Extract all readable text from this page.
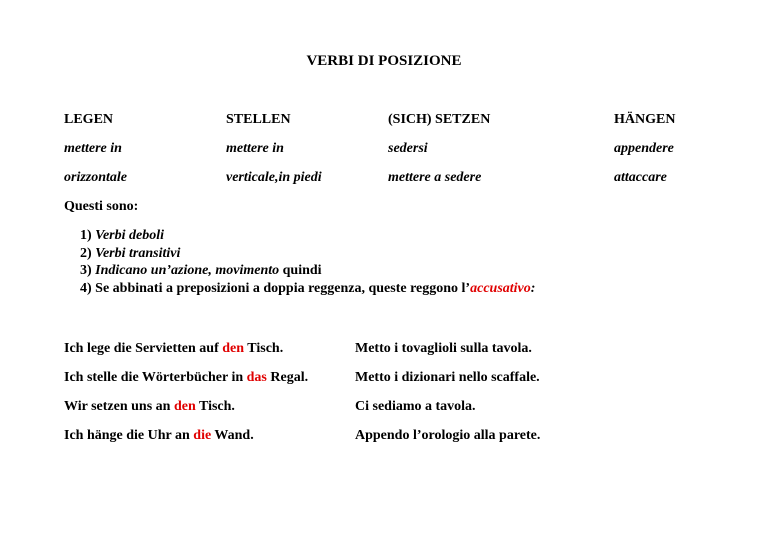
VERBI DI POSIZIONE
LEGEN	STELLEN	(SICH) SETZEN	HÄNGEN
mettere in	mettere in	sedersi	appendere
orizzontale	verticale,in piedi	mettere a sedere	attaccare
Questi sono:
1) Verbi deboli
2) Verbi transitivi
3) Indicano un’azione, movimento quindi
4) Se abbinati a preposizioni a doppia reggenza, queste reggono l’accusativo:
Ich lege die Servietten auf den Tisch.	Metto i tovaglioli sulla tavola.
Ich stelle die Wörterbücher in das Regal.	Metto i dizionari nello scaffale.
Wir setzen uns an den Tisch.	Ci sediamo a tavola.
Ich hänge die Uhr an die Wand.	Appendo l’orologio alla parete.
